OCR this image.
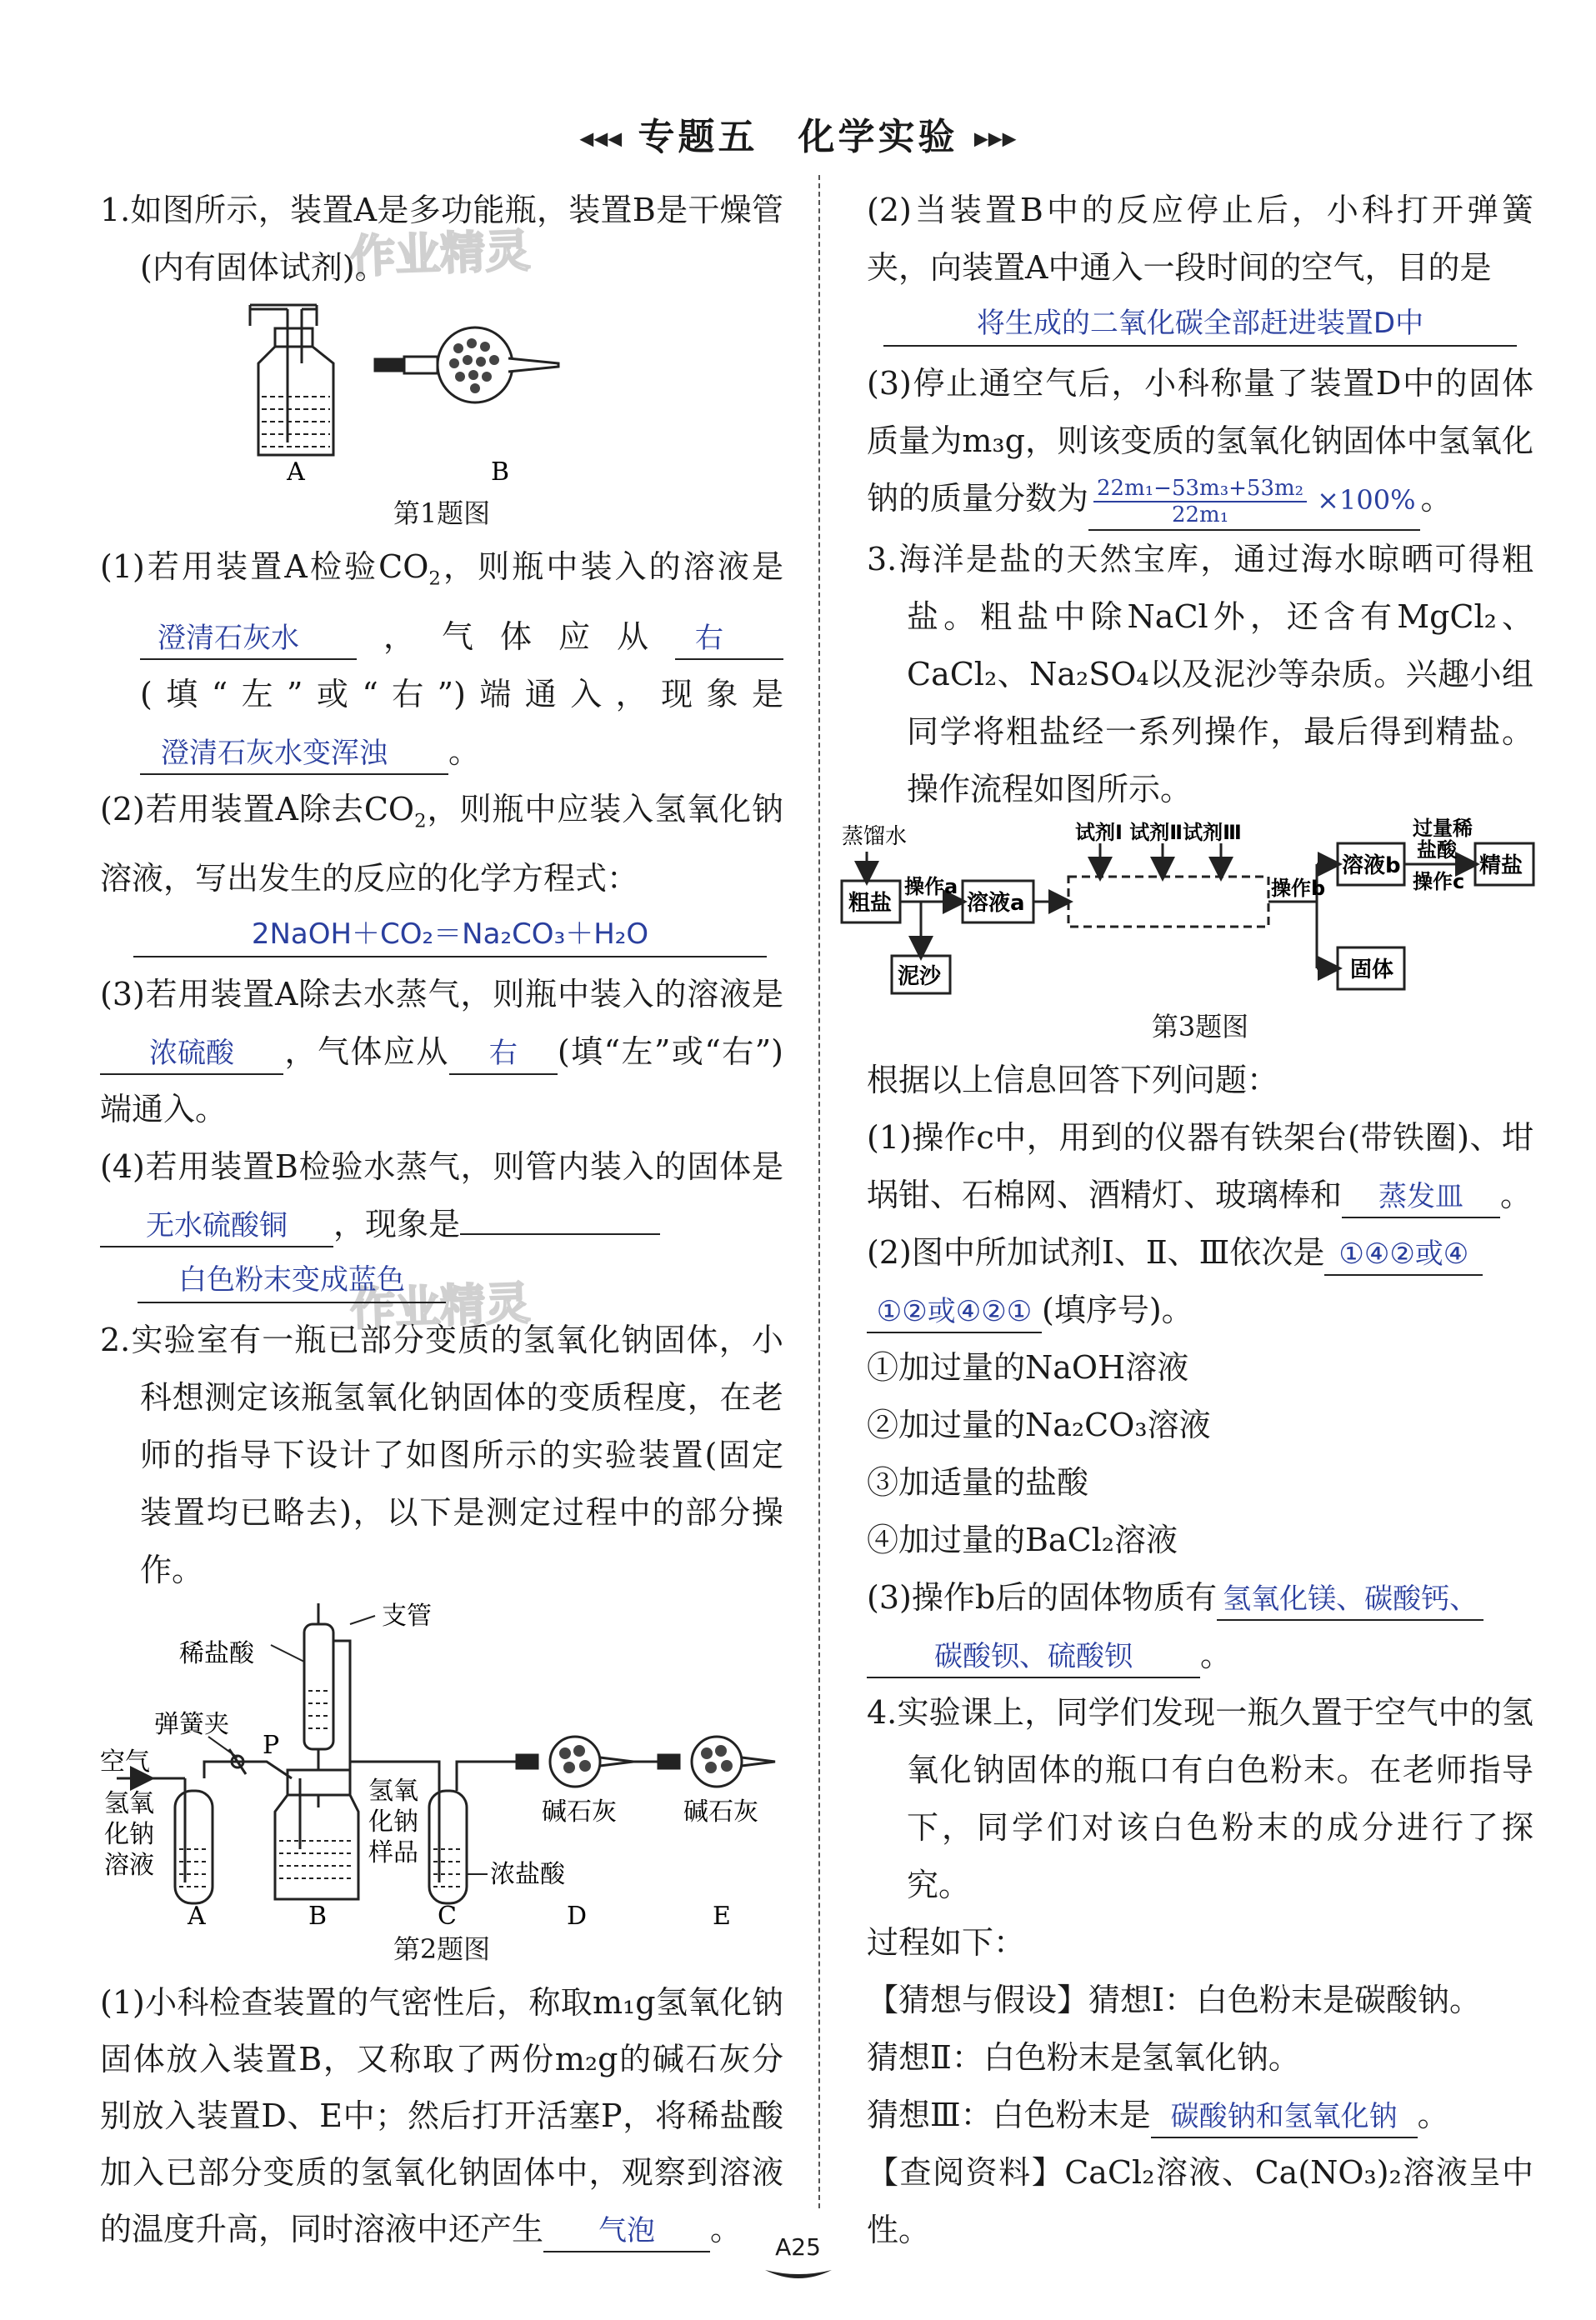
◀◀◀ 专题五　化学实验 ▶▶▶
作业精灵
作业精灵

1.如图所示，装置A是多功能瓶，装置B是干燥管(内有固体试剂)。

A	B

第1题图

(1)若用装置A检验$CO_2$，则瓶中装入的溶液是澄清石灰水 ，气体应从 右(填“左”或“右”)端通入，现象是澄清石灰水变浑浊 。

(2)若用装置A除去$CO_2$，则瓶中应装入氢氧化钠溶液，写出发生的反应的化学方程式：

2NaOH＋CO₂＝Na₂CO₃＋H₂O

(3)若用装置A除去水蒸气，则瓶中装入的溶液是浓硫酸 ，气体应从 右 (填“左”或“右”)端通入。

(4)若用装置B检验水蒸气，则管内装入的固体是无水硫酸铜 ，现象是

白色粉末变成蓝色

2.实验室有一瓶已部分变质的氢氧化钠固体，小科想测定该瓶氢氧化钠固体的变质程度，在老师的指导下设计了如图所示的实验装置(固定装置均已略去)，以下是测定过程中的部分操作。

支管
稀盐酸
弹簧夹
P
空气
氢氧
化钠
溶液
氢氧
化钠
样品
浓盐酸
碱石灰	碱石灰
A	B	C	D	E

第2题图

(1)小科检查装置的气密性后，称取m₁g氢氧化钠固体放入装置B，又称取了两份m₂g的碱石灰分别放入装置D、E中；然后打开活塞P，将稀盐酸加入已部分变质的氢氧化钠固体中，观察到溶液的温度升高，同时溶液中还产生 气泡 。

(2)当装置B中的反应停止后，小科打开弹簧夹，向装置A中通入一段时间的空气，目的是

将生成的二氧化碳全部赶进装置D中

(3)停止通空气后，小科称量了装置D中的固体质量为m₃g，则该变质的氢氧化钠固体中氢氧化钠的质量分数为 $\frac{\text{22m₁−53m₃+53m₂}}{\text{22m₁}} \times 100\%$ 。

3.海洋是盐的天然宝库，通过海水晾晒可得粗盐。粗盐中除NaCl外，还含有MgCl₂、CaCl₂、Na₂SO₄以及泥沙等杂质。兴趣小组同学将粗盐经一系列操作，最后得到精盐。操作流程如图所示。

蒸馏水
粗盐
操作a
泥沙
溶液a
试剂Ⅰ 试剂Ⅱ试剂Ⅲ
操作b
溶液b
固体
过量稀
盐酸
操作c
精盐

第3题图

根据以上信息回答下列问题：

(1)操作c中，用到的仪器有铁架台(带铁圈)、坩埚钳、石棉网、酒精灯、玻璃棒和 蒸发皿 。

(2)图中所加试剂Ⅰ、Ⅱ、Ⅲ依次是 ①④②或④
①②或④②① (填序号)。

①加过量的NaOH溶液

②加过量的Na₂CO₃溶液

③加适量的盐酸

④加过量的BaCl₂溶液

(3)操作b后的固体物质有 氢氧化镁、碳酸钙、
碳酸钡、硫酸钡 。

4.实验课上，同学们发现一瓶久置于空气中的氢氧化钠固体的瓶口有白色粉末。在老师指导下，同学们对该白色粉末的成分进行了探究。

过程如下：

【猜想与假设】猜想Ⅰ：白色粉末是碳酸钠。

猜想Ⅱ：白色粉末是氢氧化钠。

猜想Ⅲ：白色粉末是 碳酸钠和氢氧化钠 。

【查阅资料】CaCl₂溶液、Ca(NO₃)₂溶液呈中性。

A25
